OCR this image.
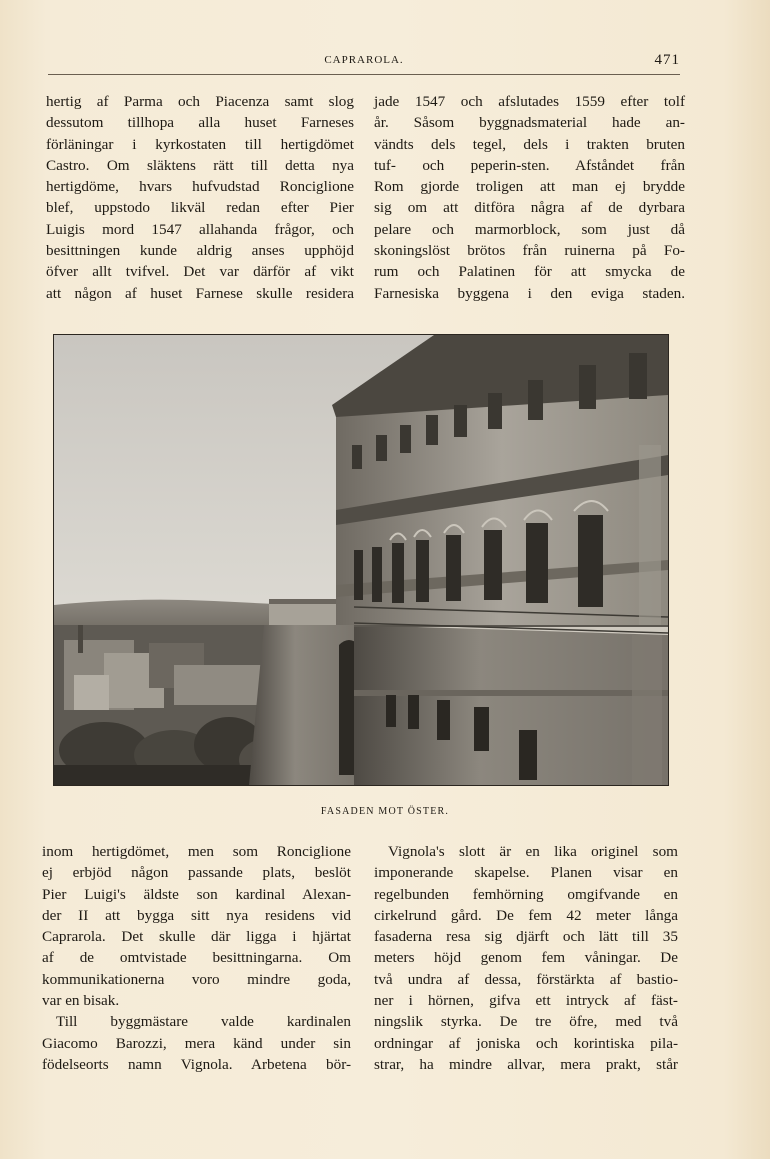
CAPRAROLA.	471
hertig af Parma och Piacenza samt slog
dessutom tillhopa alla huset Farneses
förläningar i kyrkostaten till hertigdömet
Castro. Om släktens rätt till detta nya
hertigdöme, hvars hufvudstad Ronciglione
blef, uppstodo likväl redan efter Pier
Luigis mord 1547 allahanda frågor, och
besittningen kunde aldrig anses upphöjd
öfver allt tvifvel. Det var därför af vikt
att någon af huset Farnese skulle residera
jade 1547 och afslutades 1559 efter tolf
år. Såsom byggnadsmaterial hade an-
vändts dels tegel, dels i trakten bruten
tuf- och peperin-sten. Afståndet från
Rom gjorde troligen att man ej brydde
sig om att ditföra några af de dyrbara
pelare och marmorblock, som just då
skoningslöst brötos från ruinerna på Fo-
rum och Palatinen för att smycka de
Farnesiska byggena i den eviga staden.
FASADEN MOT ÖSTER.
inom hertigdömet, men som Ronciglione
ej erbjöd någon passande plats, beslöt
Pier Luigi's äldste son kardinal Alexan-
der II att bygga sitt nya residens vid
Caprarola. Det skulle där ligga i hjärtat
af de omtvistade besittningarna. Om
kommunikationerna voro mindre goda,
var en bisak.
Till byggmästare valde kardinalen
Giacomo Barozzi, mera känd under sin
födelseorts namn Vignola. Arbetena bör-
Vignola's slott är en lika originel som
imponerande skapelse. Planen visar en
regelbunden femhörning omgifvande en
cirkelrund gård. De fem 42 meter långa
fasaderna resa sig djärft och lätt till 35
meters höjd genom fem våningar. De
två undra af dessa, förstärkta af bastio-
ner i hörnen, gifva ett intryck af fäst-
ningslik styrka. De tre öfre, med två
ordningar af joniska och korintiska pila-
strar, ha mindre allvar, mera prakt, står
